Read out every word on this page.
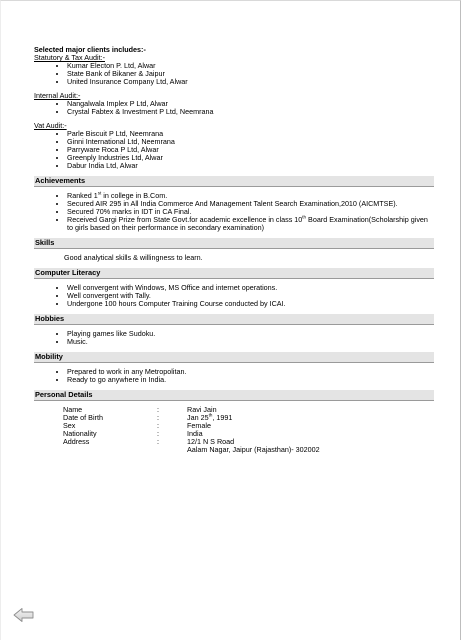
Selected major clients includes:-
Statutory & Tax Audit:-
• Kumar Electon P. Ltd, Alwar
• State Bank of Bikaner & Jaipur
• United Insurance Company Ltd, Alwar
Internal Audit:-
• Nangalwala Implex P Ltd, Alwar
• Crystal Fabtex & Investment P Ltd, Neemrana
Vat Audit:-
• Parle Biscuit P Ltd, Neemrana
• Ginni International Ltd, Neemrana
• Parryware Roca P Ltd, Alwar
• Greenply Industries Ltd, Alwar
• Dabur India Ltd, Alwar
Achievements
• Ranked 1st in college in B.Com.
• Secured AIR 295 in All India Commerce And Management Talent Search Examination,2010 (AICMTSE).
• Secured 70% marks in IDT in CA Final.
• Received Gargi Prize from State Govt.for academic excellence in class 10th Board Examination(Scholarship given to girls based on their performance in secondary examination)
Skills
Good analytical skills & willingness to learn.
Computer Literacy
• Well convergent with Windows, MS Office and internet operations.
• Well convergent with Tally.
• Undergone 100 hours Computer Training Course conducted by ICAI.
Hobbies
• Playing games like Sudoku.
• Music.
Mobility
• Prepared to work in any Metropolitan.
• Ready to go anywhere in India.
Personal Details
Name	:	Ravi Jain
Date of Birth	:	Jan 25th, 1991
Sex	:	Female
Nationality	:	India
Address	:	12/1 N S Road
		Aalam Nagar, Jaipur (Rajasthan)- 302002
